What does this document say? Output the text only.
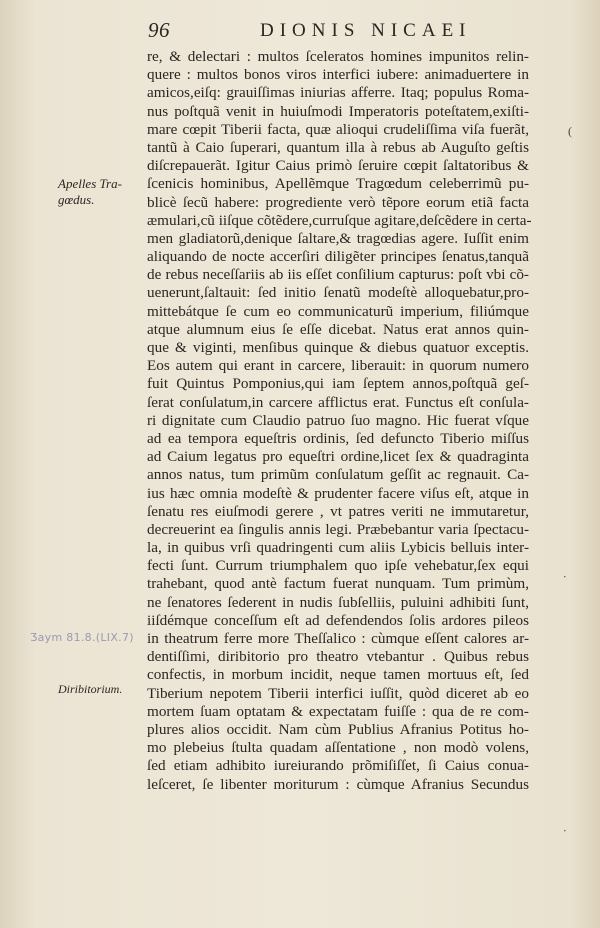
96	DIONIS NICAEI
Apelles Tra- gœdus.
Ʒaym 81.8.(LIX.7)
Diribitorium.
(
ᐧ
ᐧ
re, & delectari : multos ſceleratos homines impunitos relin-
quere : multos bonos viros interfici iubere: animaduertere in
amicos,eiſq: grauiſſimas iniurias afferre. Itaq; populus Roma-
nus poſtquã venit in huiuſmodi Imperatoris poteſtatem,exiſti-
mare cœpit Tiberii facta, quæ alioqui crudeliſſima viſa fuerãt,
tantũ à Caio ſuperari, quantum illa à rebus ab Auguſto geſtis
diſcrepauerãt. Igitur Caius primò ſeruire cœpit ſaltatoribus &
ſcenicis hominibus, Apellẽmque Tragœdum celeberrimũ pu-
blicè ſecũ habere: progrediente verò tẽpore eorum etiã facta
æmulari,cũ iiſque cõtẽdere,curruſque agitare,deſcẽdere in certa-
men gladiatorũ,denique ſaltare,& tragœdias agere. Iuſſit enim
aliquando de nocte accerſiri diligẽter principes ſenatus,tanquã
de rebus neceſſariis ab iis eſſet conſilium capturus: poſt vbi cõ-
uenerunt,ſaltauit: ſed initio ſenatũ modeſtè alloquebatur,pro-
mittebátque ſe cum eo communicaturũ imperium, filiúmque
atque alumnum eius ſe eſſe dicebat. Natus erat annos quin-
que & viginti, menſibus quinque & diebus quatuor exceptis.
Eos autem qui erant in carcere, liberauit: in quorum numero
fuit Quintus Pomponius,qui iam ſeptem annos,poſtquã geſ-
ſerat conſulatum,in carcere afflictus erat. Functus eſt conſula-
ri dignitate cum Claudio patruo ſuo magno. Hic fuerat vſque
ad ea tempora equeſtris ordinis, ſed defuncto Tiberio miſſus
ad Caium legatus pro equeſtri ordine,licet ſex & quadraginta
annos natus, tum primũm conſulatum geſſit ac regnauit. Ca-
ius hæc omnia modeſtè & prudenter facere viſus eſt, atque in
ſenatu res eiuſmodi gerere , vt patres veriti ne immutaretur,
decreuerint ea ſingulis annis legi. Præbebantur varia ſpectacu-
la, in quibus vrſi quadringenti cum aliis Lybicis belluis inter-
fecti ſunt. Currum triumphalem quo ipſe vehebatur,ſex equi
trahebant, quod antè factum fuerat nunquam. Tum primùm,
ne ſenatores ſederent in nudis ſubſelliis, puluini adhibiti ſunt,
iiſdémque conceſſum eſt ad defendendos ſolis ardores pileos
in theatrum ferre more Theſſalico : cùmque eſſent calores ar-
dentiſſimi, diribitorio pro theatro vtebantur . Quibus rebus
confectis, in morbum incidit, neque tamen mortuus eſt, ſed
Tiberium nepotem Tiberii interfici iuſſit, quòd diceret ab eo
mortem ſuam optatam & expectatam fuiſſe : qua de re com-
plures alios occidit. Nam cùm Publius Afranius Potitus ho-
mo plebeius ſtulta quadam aſſentatione , non modò volens,
ſed etiam adhibito iureiurando prõmiſiſſet, ſi Caius conua-
leſceret, ſe libenter moriturum : cùmque Afranius Secundus
